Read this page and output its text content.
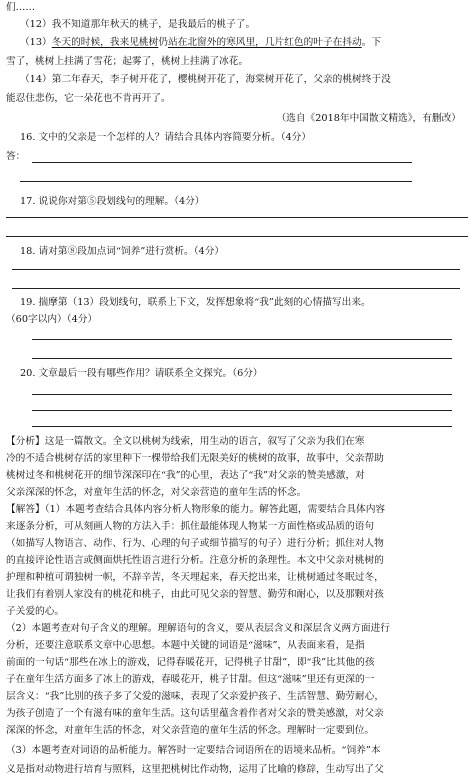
们……
（12）我不知道那年秋天的桃子，是我最后的桃子了。
（13）冬天的时候，我来见桃树仍站在北窗外的寒风里，几片红色的叶子在抖动。下
雪了，桃树上挂满了雪花；起雾了，桃树上挂满了冰花。
（14）第二年春天，李子树开花了，樱桃树开花了，海棠树开花了，父亲的桃树终于没
能忍住悲伤，它一朵花也不肯再开了。
（选自《2018年中国散文精选》，有删改）
16. 文中的父亲是一个怎样的人？请结合具体内容简要分析。（4分）
答：
17. 说说你对第⑤段划线句的理解。（4分）
18. 请对第⑧段加点词“饲养”进行赏析。（4分）
19. 揣摩第（13）段划线句，联系上下文，发挥想象将“我”此刻的心情描写出来。
（60字以内）（4分）
20. 文章最后一段有哪些作用？请联系全文探究。（6分）
【分析】这是一篇散文。全文以桃树为线索，用生动的语言，叙写了父亲为我们在寒
冷的不适合桃树存活的家里种下一棵带给我们无限美好的桃树的故事，故事中，父亲帮助
桃树过冬和桃树花开的细节深深印在“我”的心里，表达了“我”对父亲的赞美感激，对
父亲深深的怀念，对童年生活的怀念，对父亲营造的童年生活的怀念。
【解答】（1）本题考查结合具体内容分析人物形象的能力。解答此题，需要结合具体内容
来逐条分析，可从刻画人物的方法入手：抓住最能体现人物某一方面性格或品质的语句
（如描写人物语言、动作、行为、心理的句子或细节描写的句子）进行分析；抓住对人物
的直接评论性语言或侧面烘托性语言进行分析。注意分析的条理性。本文中父亲对桃树的
护理和种植可谓独树一帜，不辞辛苦，冬天埋起来，春天挖出来，让桃树通过冬眠过冬，
让我们有着别人家没有的桃花和桃子，由此可见父亲的智慧、勤劳和耐心，以及那颗对孩
子关爱的心。
（2）本题考查对句子含义的理解。理解语句的含义，要从表层含义和深层含义两方面进行
分析，还要注意联系文章中心思想。本题中关键的词语是“滋味”，从表面来看，是指
前面的一句话“那些在冰上的游戏，记得春暖花开，记得桃子甘甜”，即“我”比其他的孩
子在童年生活方面多了冰上的游戏，春暖花开，桃子甘甜。但这“滋味”里还有更深的一
层含义：“我”比别的孩子多了父爱的滋味，表现了父亲爱护孩子、生活智慧、勤劳耐心，
为孩子创造了一个有滋有味的童年生活。这句话里蕴含着作者对父亲的赞美感激，对父亲
深深的怀念，对童年生活的怀念，对父亲营造的童年生活的怀念。理解时一定要到位。
（3）本题考查对词语的品析能力。解答时一定要结合词语所在的语境来品析。“饲养”本
义是指对动物进行培育与照料，这里把桃树比作动物，运用了比喻的修辞，生动写出了父
